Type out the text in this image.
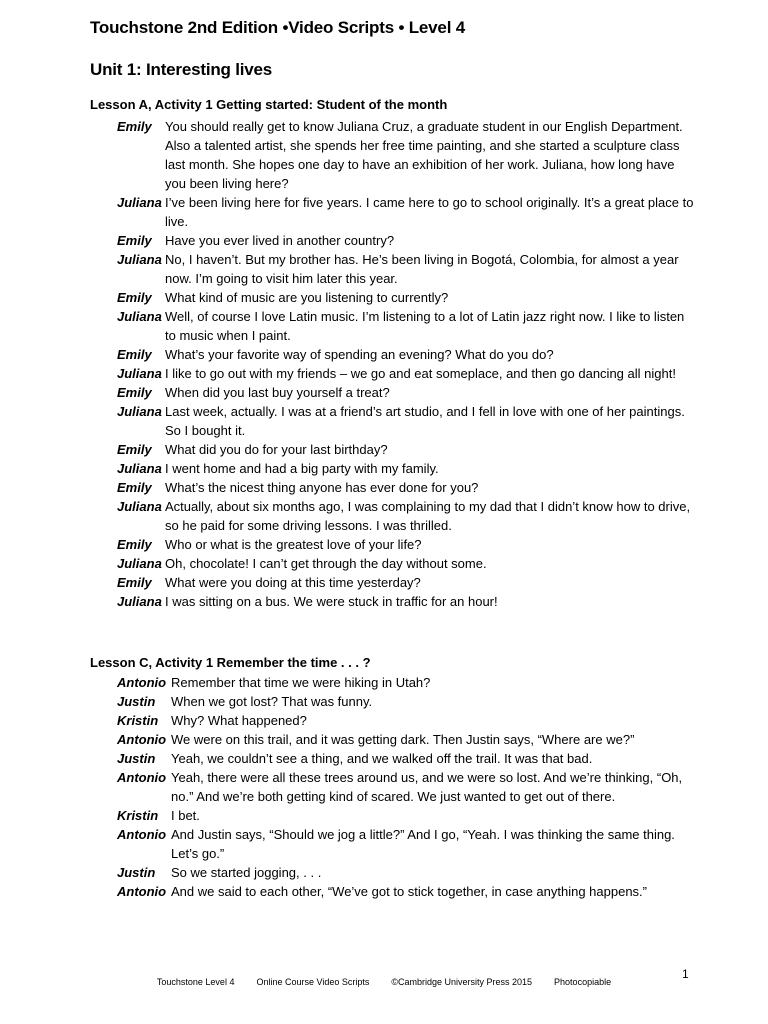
Touchstone 2nd Edition •Video Scripts • Level 4
Unit 1: Interesting lives
Lesson A, Activity 1 Getting started: Student of the month
Emily	You should really get to know Juliana Cruz, a graduate student in our English Department. Also a talented artist, she spends her free time painting, and she started a sculpture class last month. She hopes one day to have an exhibition of her work. Juliana, how long have you been living here?
Juliana I’ve been living here for five years. I came here to go to school originally. It’s a great place to live.
Emily	Have you ever lived in another country?
Juliana No, I haven’t. But my brother has. He’s been living in Bogotá, Colombia, for almost a year now. I’m going to visit him later this year.
Emily	What kind of music are you listening to currently?
Juliana Well, of course I love Latin music. I’m listening to a lot of Latin jazz right now. I like to listen to music when I paint.
Emily	What’s your favorite way of spending an evening? What do you do?
Juliana I like to go out with my friends – we go and eat someplace, and then go dancing all night!
Emily	When did you last buy yourself a treat?
Juliana Last week, actually. I was at a friend’s art studio, and I fell in love with one of her paintings. So I bought it.
Emily	What did you do for your last birthday?
Juliana I went home and had a big party with my family.
Emily	What’s the nicest thing anyone has ever done for you?
Juliana Actually, about six months ago, I was complaining to my dad that I didn’t know how to drive, so he paid for some driving lessons. I was thrilled.
Emily	Who or what is the greatest love of your life?
Juliana Oh, chocolate! I can’t get through the day without some.
Emily	What were you doing at this time yesterday?
Juliana I was sitting on a bus. We were stuck in traffic for an hour!
Lesson C, Activity 1 Remember the time . . . ?
Antonio Remember that time we were hiking in Utah?
Justin	When we got lost? That was funny.
Kristin Why? What happened?
Antonio We were on this trail, and it was getting dark. Then Justin says, “Where are we?”
Justin	Yeah, we couldn’t see a thing, and we walked off the trail. It was that bad.
Antonio Yeah, there were all these trees around us, and we were so lost. And we’re thinking, “Oh, no.” And we’re both getting kind of scared. We just wanted to get out of there.
Kristin I bet.
Antonio And Justin says, “Should we jog a little?” And I go, “Yeah. I was thinking the same thing. Let’s go.”
Justin	So we started jogging, . . .
Antonio And we said to each other, “We’ve got to stick together, in case anything happens.”
Touchstone Level 4 Online Course Video Scripts ©Cambridge University Press 2015 Photocopiable
1
